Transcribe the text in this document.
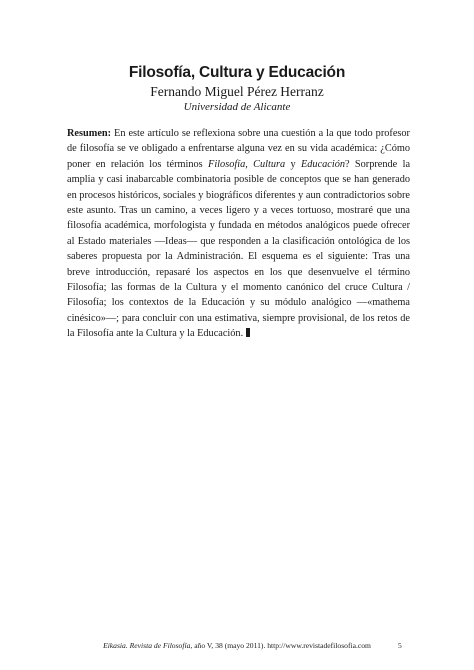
Filosofía, Cultura y Educación
Fernando Miguel Pérez Herranz
Universidad de Alicante
Resumen: En este artículo se reflexiona sobre una cuestión a la que todo profesor de filosofía se ve obligado a enfrentarse alguna vez en su vida académica: ¿Cómo poner en relación los términos Filosofía, Cultura y Educación? Sorprende la amplia y casi inabarcable combinatoria posible de conceptos que se han generado en procesos históricos, sociales y biográficos diferentes y aun contradictorios sobre este asunto. Tras un camino, a veces ligero y a veces tortuoso, mostraré que una filosofía académica, morfologista y fundada en métodos analógicos puede ofrecer al Estado materiales —Ideas— que responden a la clasificación ontológica de los saberes propuesta por la Administración. El esquema es el siguiente: Tras una breve introducción, repasaré los aspectos en los que desenvuelve el término Filosofía; las formas de la Cultura y el momento canónico del cruce Cultura / Filosofía; los contextos de la Educación y su módulo analógico —«mathema cinésico»—; para concluir con una estimativa, siempre provisional, de los retos de la Filosofía ante la Cultura y la Educación.
Eikasia. Revista de Filosofía, año V, 38 (mayo 2011). http://www.revistadefilosofia.com	5
